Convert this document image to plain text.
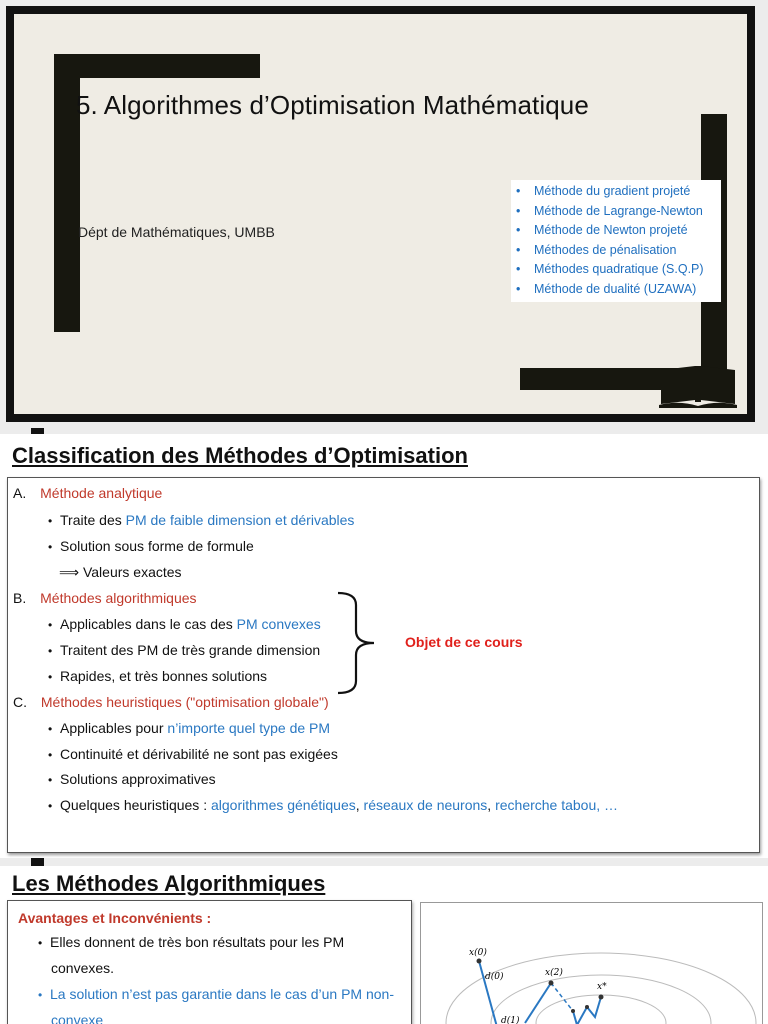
5. Algorithmes d’Optimisation Mathématique
Dépt de Mathématiques, UMBB
• Méthode du gradient projeté
• Méthode de Lagrange-Newton
• Méthode de Newton projeté
• Méthodes de pénalisation
• Méthodes quadratique (S.Q.P)
• Méthode de dualité (UZAWA)
Classification des Méthodes d’Optimisation
A. Méthode analytique
• Traite des PM de faible dimension et dérivables
• Solution sous forme de formule
⟹ Valeurs exactes
B. Méthodes algorithmiques
• Applicables dans le cas des PM convexes
• Traitent des PM de très grande dimension
• Rapides, et très bonnes solutions
Objet de ce cours
C. Méthodes heuristiques ("optimisation globale")
• Applicables pour n’importe quel type de PM
• Continuité et dérivabilité ne sont pas exigées
• Solutions approximatives
• Quelques heuristiques : algorithmes génétiques, réseaux de neurons, recherche tabou, …
Les Méthodes Algorithmiques
Avantages et Inconvénients :
• Elles donnent de très bon résultats pour les PM
convexes.
• La solution n’est pas garantie dans le cas d’un PM non-
convexe
x(0)
d(0)	x(2)
x*
d(1)
